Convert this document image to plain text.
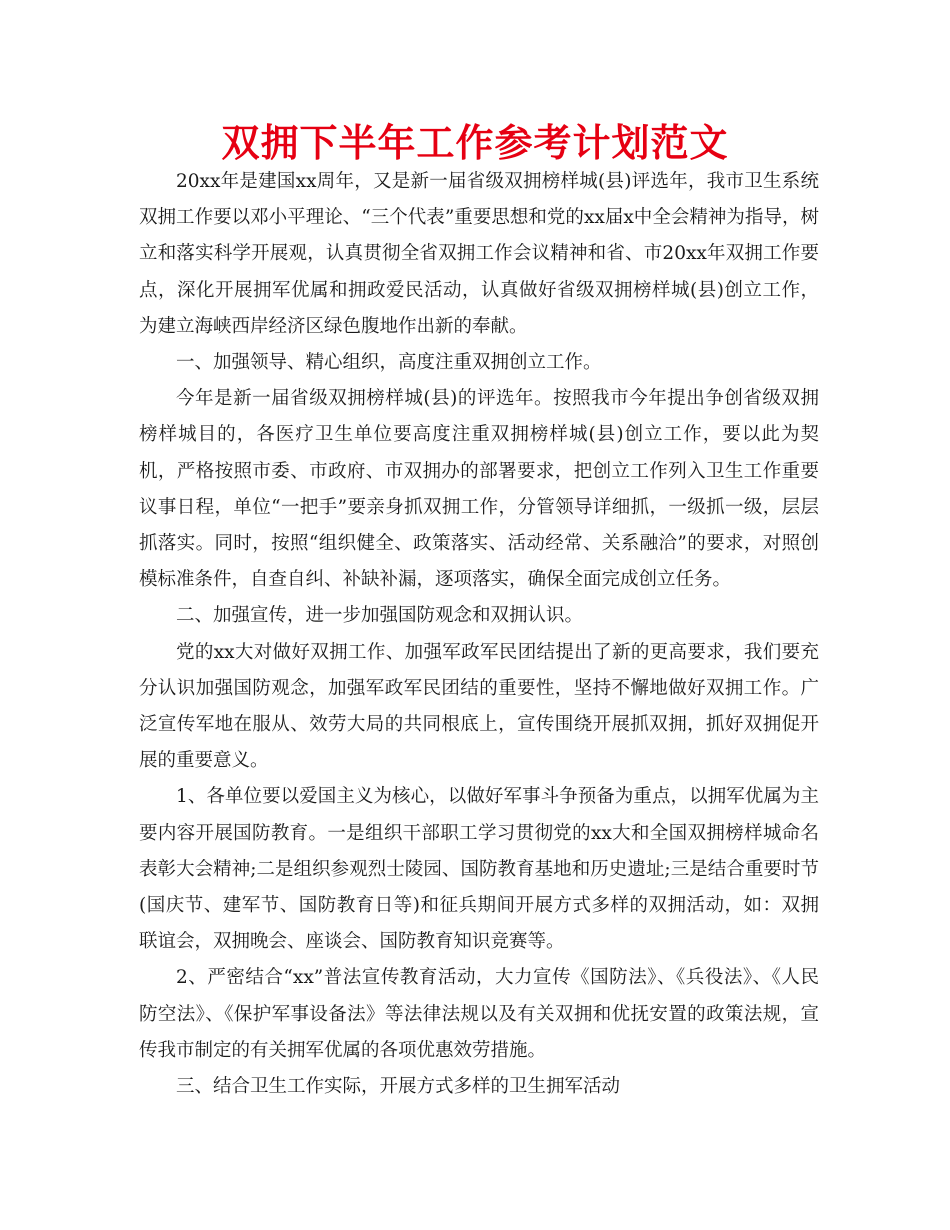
双拥下半年工作参考计划范文

20xx年是建国xx周年，又是新一届省级双拥榜样城(县)评选年，我市卫生系统双拥工作要以邓小平理论、“三个代表”重要思想和党的xx届x中全会精神为指导，树立和落实科学开展观，认真贯彻全省双拥工作会议精神和省、市20xx年双拥工作要点，深化开展拥军优属和拥政爱民活动，认真做好省级双拥榜样城(县)创立工作，为建立海峡西岸经济区绿色腹地作出新的奉献。

一、加强领导、精心组织，高度注重双拥创立工作。

今年是新一届省级双拥榜样城(县)的评选年。按照我市今年提出争创省级双拥榜样城目的，各医疗卫生单位要高度注重双拥榜样城(县)创立工作，要以此为契机，严格按照市委、市政府、市双拥办的部署要求，把创立工作列入卫生工作重要议事日程，单位“一把手”要亲身抓双拥工作，分管领导详细抓，一级抓一级，层层抓落实。同时，按照“组织健全、政策落实、活动经常、关系融洽”的要求，对照创模标准条件，自查自纠、补缺补漏，逐项落实，确保全面完成创立任务。

二、加强宣传，进一步加强国防观念和双拥认识。

党的xx大对做好双拥工作、加强军政军民团结提出了新的更高要求，我们要充分认识加强国防观念，加强军政军民团结的重要性，坚持不懈地做好双拥工作。广泛宣传军地在服从、效劳大局的共同根底上，宣传围绕开展抓双拥，抓好双拥促开展的重要意义。

1、各单位要以爱国主义为核心，以做好军事斗争预备为重点，以拥军优属为主要内容开展国防教育。一是组织干部职工学习贯彻党的xx大和全国双拥榜样城命名表彰大会精神;二是组织参观烈士陵园、国防教育基地和历史遗址;三是结合重要时节(国庆节、建军节、国防教育日等)和征兵期间开展方式多样的双拥活动，如：双拥联谊会，双拥晚会、座谈会、国防教育知识竞赛等。

2、严密结合“xx”普法宣传教育活动，大力宣传《国防法》、《兵役法》、《人民防空法》、《保护军事设备法》等法律法规以及有关双拥和优抚安置的政策法规，宣传我市制定的有关拥军优属的各项优惠效劳措施。

三、结合卫生工作实际，开展方式多样的卫生拥军活动
